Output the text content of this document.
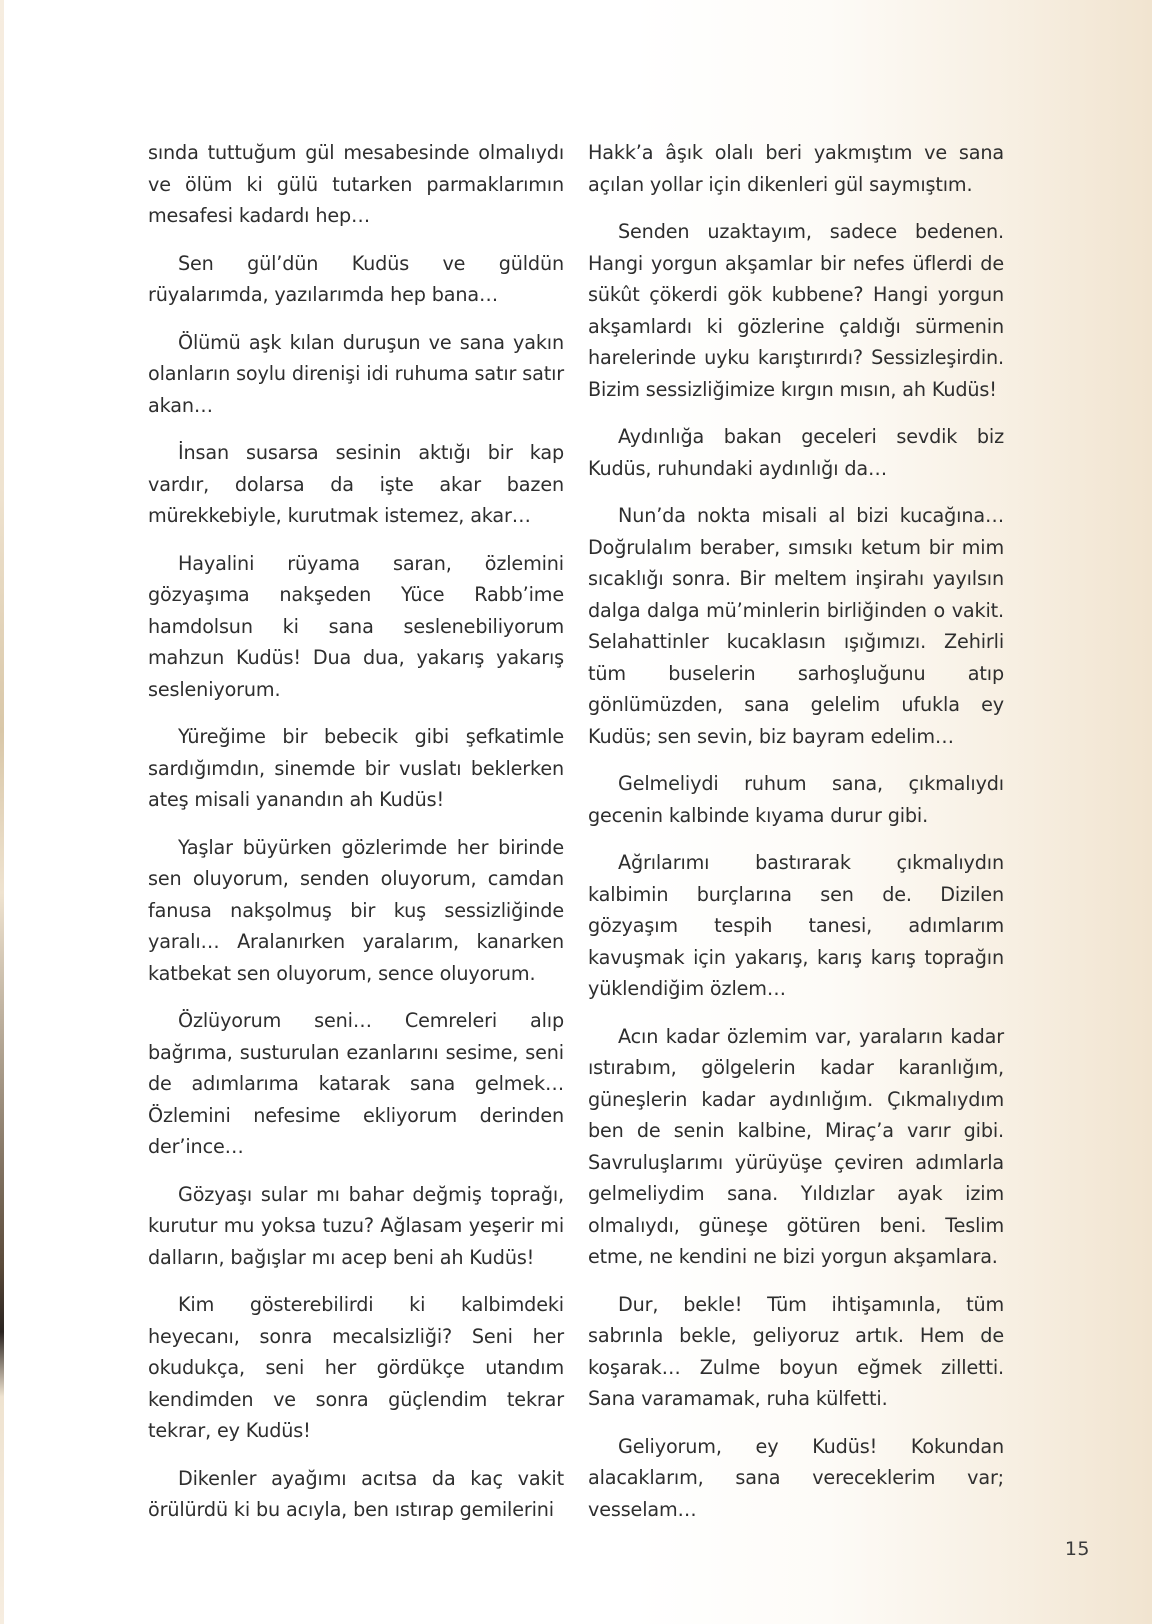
sında tuttuğum gül mesabesinde olmalıydı ve ölüm ki gülü tutarken parmaklarımın mesafesi kadardı hep…

Sen gül’dün Kudüs ve güldün rüyalarımda, yazılarımda hep bana…

Ölümü aşk kılan duruşun ve sana yakın olanların soylu direnişi idi ruhuma satır satır akan…

İnsan susarsa sesinin aktığı bir kap vardır, dolarsa da işte akar bazen mürekkebiyle, kurutmak istemez, akar…

Hayalini rüyama saran, özlemini gözyaşıma nakşeden Yüce Rabb’ime hamdolsun ki sana seslenebiliyorum mahzun Kudüs! Dua dua, yakarış yakarış sesleniyorum.

Yüreğime bir bebecik gibi şefkatimle sardığımdın, sinemde bir vuslatı beklerken ateş misali yanandın ah Kudüs!

Yaşlar büyürken gözlerimde her birinde sen oluyorum, senden oluyorum, camdan fanusa nakşolmuş bir kuş sessizliğinde yaralı… Aralanırken yaralarım, kanarken katbekat sen oluyorum, sence oluyorum.

Özlüyorum seni… Cemreleri alıp bağrıma, susturulan ezanlarını sesime, seni de adımlarıma katarak sana gelmek… Özlemini nefesime ekliyorum derinden der’ince…

Gözyaşı sular mı bahar değmiş toprağı, kurutur mu yoksa tuzu? Ağlasam yeşerir mi dalların, bağışlar mı acep beni ah Kudüs!

Kim gösterebilirdi ki kalbimdeki heyecanı, sonra mecalsizliği? Seni her okudukça, seni her gördükçe utandım kendimden ve sonra güçlendim tekrar tekrar, ey Kudüs!

Dikenler ayağımı acıtsa da kaç vakit örülürdü ki bu acıyla, ben ıstırap gemilerini

Hakk’a âşık olalı beri yakmıştım ve sana açılan yollar için dikenleri gül saymıştım.

Senden uzaktayım, sadece bedenen. Hangi yorgun akşamlar bir nefes üflerdi de sükût çökerdi gök kubbene? Hangi yorgun akşamlardı ki gözlerine çaldığı sürmenin harelerinde uyku karıştırırdı? Sessizleşirdin. Bizim sessizliğimize kırgın mısın, ah Kudüs!

Aydınlığa bakan geceleri sevdik biz Kudüs, ruhundaki aydınlığı da…

Nun’da nokta misali al bizi kucağına… Doğrulalım beraber, sımsıkı ketum bir mim sıcaklığı sonra. Bir meltem inşirahı yayılsın dalga dalga mü’minlerin birliğinden o vakit. Selahattinler kucaklasın ışığımızı. Zehirli tüm buselerin sarhoşluğunu atıp gönlümüzden, sana gelelim ufukla ey Kudüs; sen sevin, biz bayram edelim…

Gelmeliydi ruhum sana, çıkmalıydı gecenin kalbinde kıyama durur gibi.

Ağrılarımı bastırarak çıkmalıydın kalbimin burçlarına sen de. Dizilen gözyaşım tespih tanesi, adımlarım kavuşmak için yakarış, karış karış toprağın yüklendiğim özlem…

Acın kadar özlemim var, yaraların kadar ıstırabım, gölgelerin kadar karanlığım, güneşlerin kadar aydınlığım. Çıkmalıydım ben de senin kalbine, Miraç’a varır gibi. Savruluşlarımı yürüyüşe çeviren adımlarla gelmeliydim sana. Yıldızlar ayak izim olmalıydı, güneşe götüren beni. Teslim etme, ne kendini ne bizi yorgun akşamlara.

Dur, bekle! Tüm ihtişamınla, tüm sabrınla bekle, geliyoruz artık. Hem de koşarak… Zulme boyun eğmek zilletti. Sana varamamak, ruha külfetti.

Geliyorum, ey Kudüs! Kokundan alacaklarım, sana vereceklerim var; vesselam…

15
